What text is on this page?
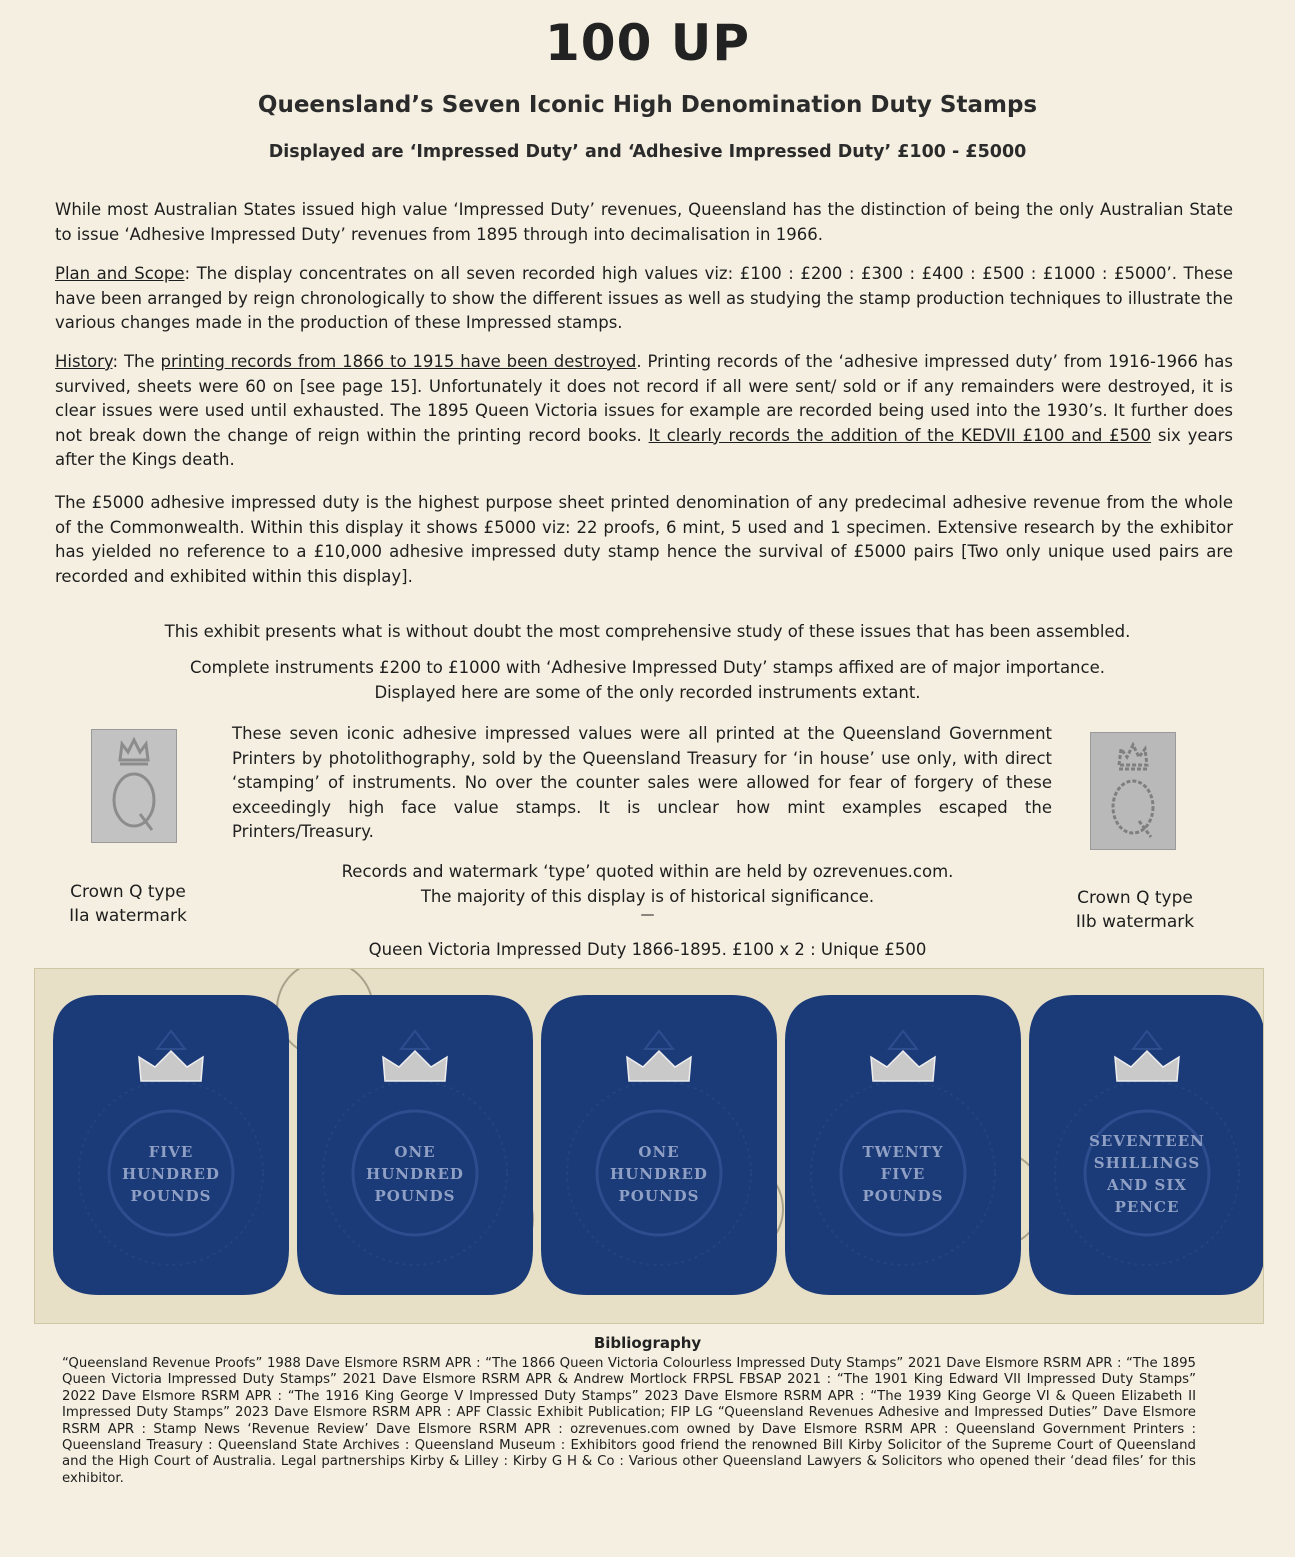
100 UP
Queensland’s Seven Iconic High Denomination Duty Stamps
Displayed are ‘Impressed Duty’ and ‘Adhesive Impressed Duty’ £100 - £5000
While most Australian States issued high value ‘Impressed Duty’ revenues, Queensland has the distinction of being the only Australian State to issue ‘Adhesive Impressed Duty’ revenues from 1895 through into decimalisation in 1966.
Plan and Scope: The display concentrates on all seven recorded high values viz: £100 : £200 : £300 : £400 : £500 : £1000 : £5000’. These have been arranged by reign chronologically to show the different issues as well as studying the stamp production techniques to illustrate the various changes made in the production of these Impressed stamps.
History: The printing records from 1866 to 1915 have been destroyed. Printing records of the ‘adhesive impressed duty’ from 1916-1966 has survived, sheets were 60 on [see page 15]. Unfortunately it does not record if all were sent/ sold or if any remainders were destroyed, it is clear issues were used until exhausted. The 1895 Queen Victoria issues for example are recorded being used into the 1930’s. It further does not break down the change of reign within the printing record books. It clearly records the addition of the KEDVII £100 and £500 six years after the Kings death.
The £5000 adhesive impressed duty is the highest purpose sheet printed denomination of any predecimal adhesive revenue from the whole of the Commonwealth. Within this display it shows £5000 viz: 22 proofs, 6 mint, 5 used and 1 specimen. Extensive research by the exhibitor has yielded no reference to a £10,000 adhesive impressed duty stamp hence the survival of £5000 pairs [Two only unique used pairs are recorded and exhibited within this display].
This exhibit presents what is without doubt the most comprehensive study of these issues that has been assembled.
Complete instruments £200 to £1000 with ‘Adhesive Impressed Duty’ stamps affixed are of major importance.
Displayed here are some of the only recorded instruments extant.
Crown Q type
IIa watermark
Crown Q type
IIb watermark
These seven iconic adhesive impressed values were all printed at the Queensland Government Printers by photolithography, sold by the Queensland Treasury for ‘in house’ use only, with direct ‘stamping’ of instruments. No over the counter sales were allowed for fear of forgery of these exceedingly high face value stamps. It is unclear how mint examples escaped the Printers/Treasury.
Records and watermark ‘type’ quoted within are held by ozrevenues.com.
The majority of this display is of historical significance.
—
Queen Victoria Impressed Duty 1866-1895. £100 x 2 : Unique £500
FIVE
HUNDRED
POUNDS
ONE
HUNDRED
POUNDS
ONE
HUNDRED
POUNDS
TWENTY
FIVE
POUNDS
SEVENTEEN
SHILLINGS
AND SIX
PENCE
Bibliography
“Queensland Revenue Proofs” 1988 Dave Elsmore RSRM APR : “The 1866 Queen Victoria Colourless Impressed Duty Stamps” 2021 Dave Elsmore RSRM APR : “The 1895 Queen Victoria Impressed Duty Stamps” 2021 Dave Elsmore RSRM APR & Andrew Mortlock FRPSL FBSAP 2021 : “The 1901 King Edward VII Impressed Duty Stamps” 2022 Dave Elsmore RSRM APR : “The 1916 King George V Impressed Duty Stamps” 2023 Dave Elsmore RSRM APR : “The 1939 King George VI & Queen Elizabeth II Impressed Duty Stamps” 2023 Dave Elsmore RSRM APR : APF Classic Exhibit Publication; FIP LG “Queensland Revenues Adhesive and Impressed Duties” Dave Elsmore RSRM APR : Stamp News ‘Revenue Review’ Dave Elsmore RSRM APR : ozrevenues.com owned by Dave Elsmore RSRM APR : Queensland Government Printers : Queensland Treasury : Queensland State Archives : Queensland Museum : Exhibitors good friend the renowned Bill Kirby Solicitor of the Supreme Court of Queensland and the High Court of Australia. Legal partnerships Kirby & Lilley : Kirby G H & Co : Various other Queensland Lawyers & Solicitors who opened their ‘dead files’ for this exhibitor.
